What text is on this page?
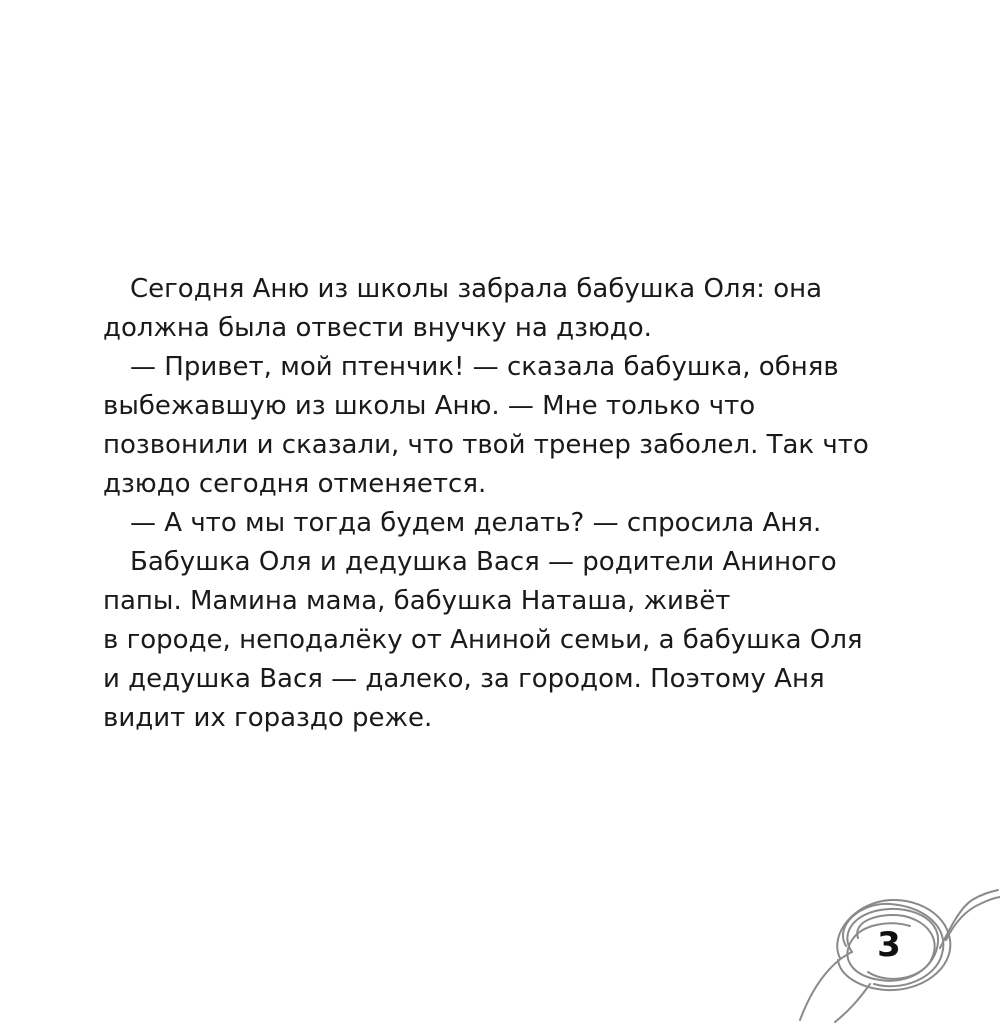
Сегодня Аню из школы забрала бабушка Оля: она
должна была отвести внучку на дзюдо.
— Привет, мой птенчик! — сказала бабушка, обняв
выбежавшую из школы Аню. — Мне только что
позвонили и сказали, что твой тренер заболел. Так что
дзюдо сегодня отменяется.
— А что мы тогда будем делать? — спросила Аня.
Бабушка Оля и дедушка Вася — родители Аниного
папы. Мамина мама, бабушка Наташа, живёт
в городе, неподалёку от Аниной семьи, а бабушка Оля
и дедушка Вася — далеко, за городом. Поэтому Аня
видит их гораздо реже.
3
